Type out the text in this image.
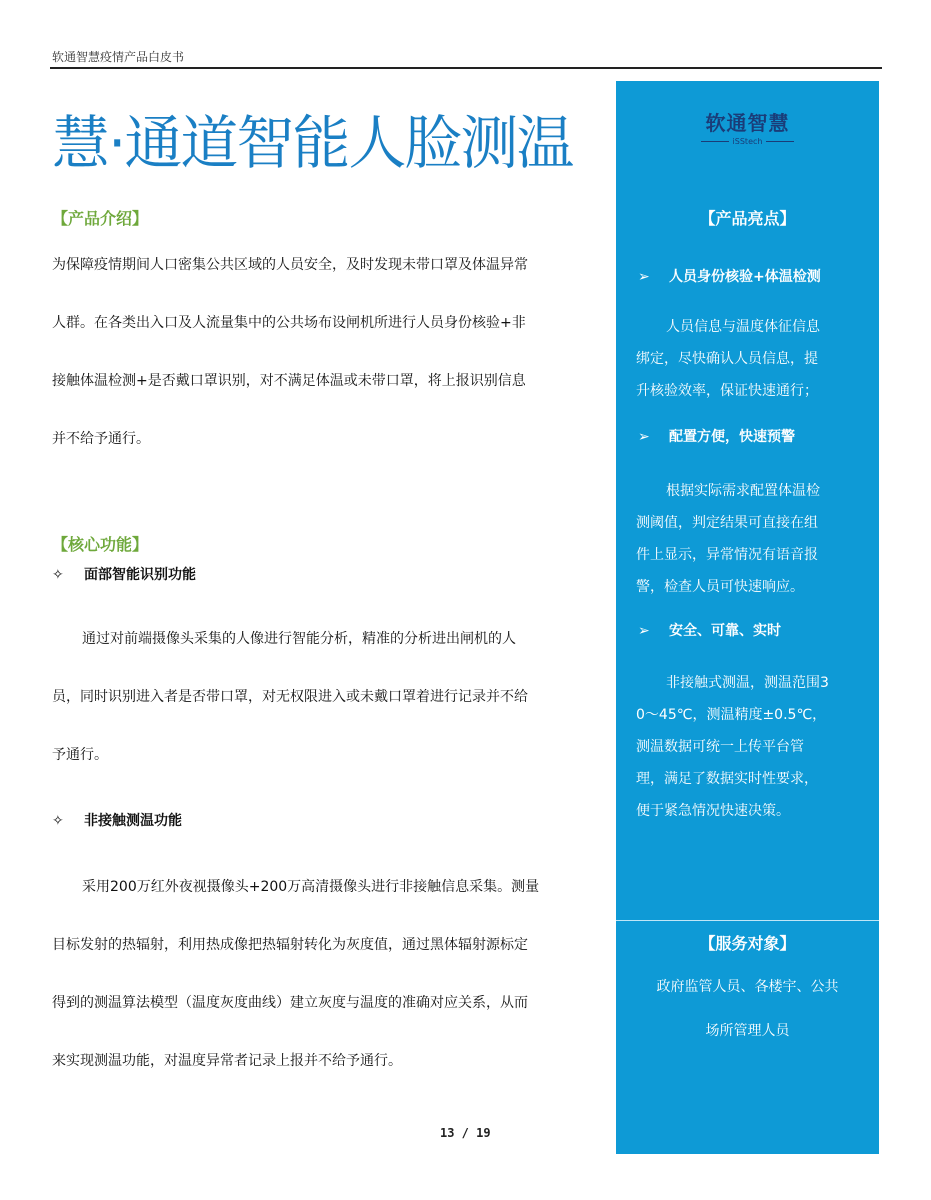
软通智慧疫情产品白皮书
慧·通道智能人脸测温
【产品介绍】
为保障疫情期间人口密集公共区域的人员安全，及时发现未带口罩及体温异常
人群。在各类出入口及人流量集中的公共场布设闸机所进行人员身份核验+非
接触体温检测+是否戴口罩识别，对不满足体温或未带口罩，将上报识别信息
并不给予通行。
【核心功能】
✧ 面部智能识别功能
通过对前端摄像头采集的人像进行智能分析，精准的分析进出闸机的人
员，同时识别进入者是否带口罩，对无权限进入或未戴口罩着进行记录并不给
予通行。
✧ 非接触测温功能
采用200万红外夜视摄像头+200万高清摄像头进行非接触信息采集。测量
目标发射的热辐射，利用热成像把热辐射转化为灰度值，通过黑体辐射源标定
得到的测温算法模型（温度灰度曲线）建立灰度与温度的准确对应关系，从而
来实现测温功能，对温度异常者记录上报并不给予通行。
13 / 19
软通智慧
iSStech
【产品亮点】
➢ 人员身份核验+体温检测
人员信息与温度体征信息
绑定，尽快确认人员信息，提
升核验效率，保证快速通行；
➢ 配置方便，快速预警
根据实际需求配置体温检
测阈值，判定结果可直接在组
件上显示，异常情况有语音报
警，检查人员可快速响应。
➢ 安全、可靠、实时
非接触式测温，测温范围3
0～45℃，测温精度±0.5℃，
测温数据可统一上传平台管
理，满足了数据实时性要求，
便于紧急情况快速决策。
【服务对象】
政府监管人员、各楼宇、公共
场所管理人员
